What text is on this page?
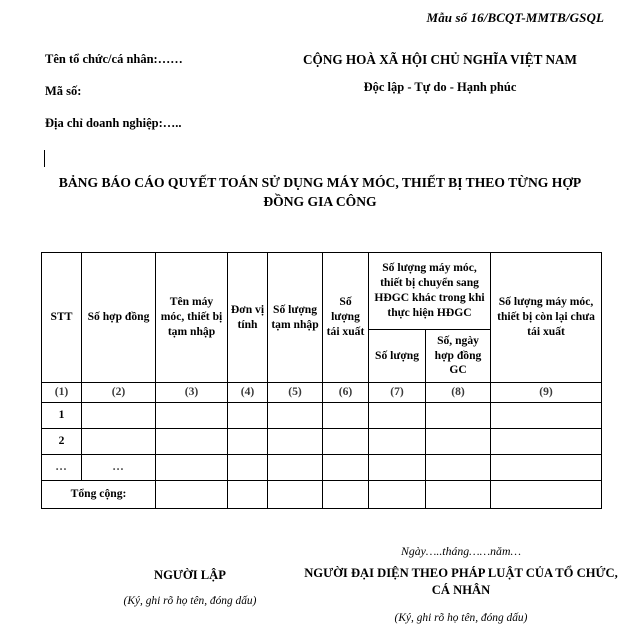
Mẫu số 16/BCQT-MMTB/GSQL
Tên tổ chức/cá nhân:……
Mã số:
Địa chỉ doanh nghiệp:…..
CỘNG HOÀ XÃ HỘI CHỦ NGHĨA VIỆT NAM
Độc lập - Tự do - Hạnh phúc
BẢNG BÁO CÁO QUYẾT TOÁN SỬ DỤNG MÁY MÓC, THIẾT BỊ THEO TỪNG HỢP ĐỒNG GIA CÔNG
STT	Số hợp đồng	Tên máy móc, thiết bị tạm nhập	Đơn vị tính	Số lượng tạm nhập	Số lượng tái xuất	Số lượng máy móc, thiết bị chuyển sang HĐGC khác trong khi thực hiện HĐGC		Số lượng máy móc, thiết bị còn lại chưa tái xuất
						Số lượng	Số, ngày hợp đồng GC	
(1)	(2)	(3)	(4)	(5)	(6)	(7)	(8)	(9)
1								
2								
…	…							
Tổng cộng:								
NGƯỜI LẬP
(Ký, ghi rõ họ tên, đóng dấu)
Ngày…..tháng……năm…
NGƯỜI ĐẠI DIỆN THEO PHÁP LUẬT CỦA TỔ CHỨC, CÁ NHÂN
(Ký, ghi rõ họ tên, đóng dấu)
